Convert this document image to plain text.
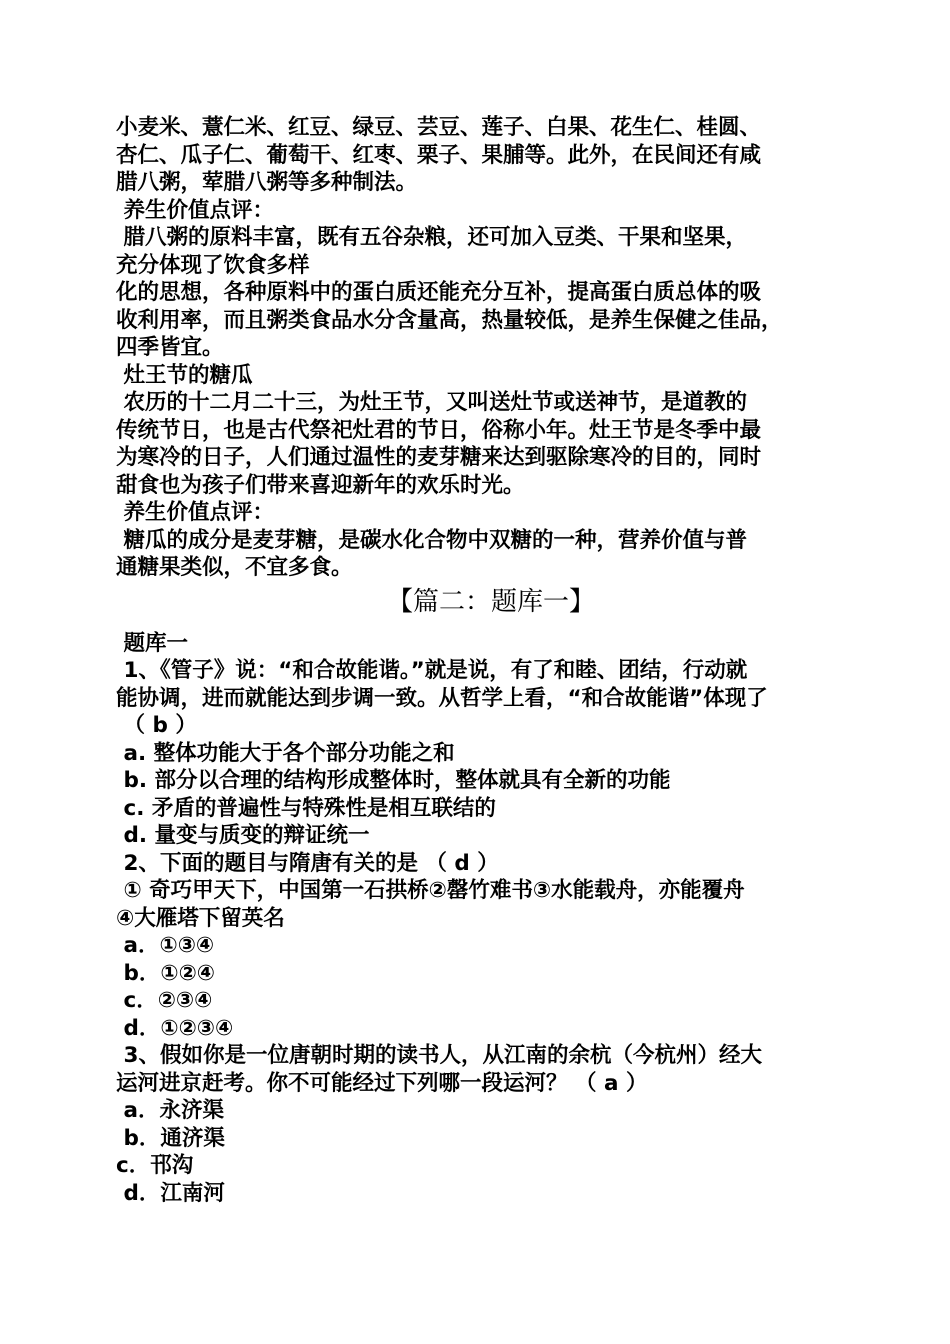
小麦米、薏仁米、红豆、绿豆、芸豆、莲子、白果、花生仁、桂圆、
杏仁、瓜子仁、葡萄干、红枣、栗子、果脯等。此外，在民间还有咸
腊八粥，荤腊八粥等多种制法。
养生价值点评：
腊八粥的原料丰富，既有五谷杂粮，还可加入豆类、干果和坚果，
充分体现了饮食多样
化的思想，各种原料中的蛋白质还能充分互补，提高蛋白质总体的吸
收利用率，而且粥类食品水分含量高，热量较低，是养生保健之佳品，
四季皆宜。
灶王节的糖瓜
农历的十二月二十三，为灶王节，又叫送灶节或送神节，是道教的
传统节日，也是古代祭祀灶君的节日，俗称小年。灶王节是冬季中最
为寒冷的日子，人们通过温性的麦芽糖来达到驱除寒冷的目的，同时
甜食也为孩子们带来喜迎新年的欢乐时光。
养生价值点评：
糖瓜的成分是麦芽糖，是碳水化合物中双糖的一种，营养价值与普
通糖果类似，不宜多食。
【篇二：题库一】
题库一
1、《管子》说：“和合故能谐。”就是说，有了和睦、团结，行动就
能协调，进而就能达到步调一致。从哲学上看，“和合故能谐”体现了
（ b ）
a. 整体功能大于各个部分功能之和
b. 部分以合理的结构形成整体时，整体就具有全新的功能
c. 矛盾的普遍性与特殊性是相互联结的
d. 量变与质变的辩证统一
2、下面的题目与隋唐有关的是 （ d ）
① 奇巧甲天下，中国第一石拱桥②罄竹难书③水能载舟，亦能覆舟
④大雁塔下留英名
a．①③④
b．①②④
c．②③④
d．①②③④
3、假如你是一位唐朝时期的读书人，从江南的余杭（今杭州）经大
运河进京赶考。你不可能经过下列哪一段运河？ （ a ）
a．永济渠
b．通济渠
c．邗沟
d．江南河
